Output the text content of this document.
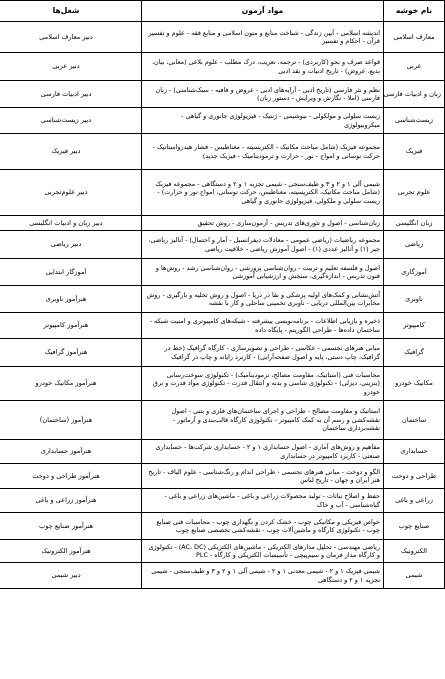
نام خوشه	مواد آزمون	شغل‌ها
معارف اسلامی	اندیشه اسلامی - آیین زندگی - شناخت منابع و متون اسلامی و منابع فقه - علوم و تفسیر قرآن - احکام و تفسیر	دبیر معارف اسلامی
عربی	قواعد صرف و نحو (کاربردی) - ترجمه، تعریب، درک مطلب - علوم بلاغی (معانی، بیان، بدیع، عروض) - تاریخ ادبیات و نقد ادبی	دبیر عربی
زبان و ادبیات فارسی	نظم و نثر فارسی (تاریخ ادبی - آرایه‌های ادبی - عروض و قافیه - سبک‌شناسی) - زبان فارسی (املا - نگارش و ویرایش - دستور زبان)	دبیر ادبیات فارسی
زیست‌شناسی	زیست سلولی و مولکولی - بیوشیمی - ژنتیک - فیزیولوژی جانوری و گیاهی - میکروبیولوژی	دبیر زیست‌شناسی
فیزیک	مجموعه فیزیک (شامل مباحث مکانیک - الکتریسیته - مغناطیس - فشار هیدرواستاتیک - حرکت نوسانی و امواج - نور - حرارت و ترمودینامیک - فیزیک جدید)	دبیر فیزیک
علوم تجربی	شیمی آلی ۱ و ۲ و ۳ و طیف‌سنجی - شیمی تجزیه ۱ و ۲ و دستگاهی - مجموعه فیزیک (شامل مباحث مکانیک، الکتریسیته، مغناطیس، حرکت نوسانی، امواج نور و حرارت) - زیست سلولی و ملکولی، فیزیولوژی جانوری و گیاهی	دبیر علوم‌تجربی
زبان انگلیسی	زبان‌شناسی - اصول و تئوری‌های تدریس - آزمون‌سازی - روش تحقیق	دبیر زبان و ادبیات انگلیسی
ریاضی	مجموعه ریاضیات (ریاضی عمومی - معادلات دیفرانسیل - آمار و احتمال) - آنالیز ریاضی، جبر (۱) و آنالیز عددی (۱) - اصول آموزش ریاضی - خلاقیت ریاضی	دبیر ریاضی
آموزگاری	اصول و فلسفه تعلیم و تربیت - روان‌شناسی پرورشی - روان‌شناسی رشد - روش‌ها و فنون تدریس - اندازه‌گیری، سنجش و ارزشیابی آموزشی	آموزگار ابتدایی
ناوبری	آتش‌نشانی و کمک‌های اولیه پزشکی و بقا در دریا - اصول و روش تخلیه و بارگیری - روش مخابرات بین‌المللی دریایی - ناوبری تخمینی ساحلی و کار با نقشه	هنرآموز ناوبری
کامپیوتر	ذخیره و بازیابی اطلاعات - برنامه‌نویسی پیشرفته - شبکه‌های کامپیوتری و امنیت شبکه - ساختمان داده‌ها - طراحی الگوریتم - پایگاه داده	هنرآموز کامپیوتر
گرافیک	مبانی هنرهای تجسمی - عکاسی - طراحی و تصویرسازی - کارگاه گرافیک (خط در گرافیک، چاپ دستی، پایه و اصول صفحه‌آرایی) - کاربرد رایانه و چاپ در گرافیک	هنرآموز گرافیک
مکانیک خودرو	محاسبات فنی (استاتیک، مقاومت مصالح، ترمودینامیک) - تکنولوژی سوخت‌رسانی (بنزینی، دیزلی) - تکنولوژی شاسی و بدنه و انتقال قدرت - تکنولوژی مواد قدرت و برق خودرو	هنرآموز مکانیک خودرو
ساختمان	استاتیک و مقاومت مصالح - طراحی و اجرای ساختمان‌های فلزی و بتنی - اصول نقشه‌کشی و رسم آن به کمک کامپیوتر - تکنولوژی کارگاه قالب‌بندی و آرماتور - نقشه‌برداری ساختمان	هنرآموز (ساختمان)
حسابداری	مفاهیم و روش‌های آماری - اصول حسابداری ۱ و ۲ - حسابداری شرکت‌ها - حسابداری صنعتی - کاربرد کامپیوتر در حسابداری	هنرآموز حسابداری
طراحی و دوخت	الگو و دوخت - مبانی هنرهای تجسمی - طراحی اندام و رنگ‌شناسی - علوم الیاف - تاریخ هنر ایران و جهان - تاریخ لباس	هنرآموز طراحی و دوخت
زراعی و باغی	حفظ و اصلاح نباتات - تولید محصولات زراعی و باغی - ماشین‌های زراعی و باغی - گیاه‌شناسی - آب و خاک	هنرآموز زراعی و باغی
صنایع چوب	خواص فیزیکی و مکانیکی چوب - خشک کردن و نگهداری چوب - محاسبات فنی صنایع چوب - تکنولوژی کارگاه و ماشین‌آلات چوب - نقشه‌کشی تخصصی صنایع چوب	هنرآموز صنایع چوب
الکترونیک	ریاضی مهندسی - تحلیل مدارهای الکتریکی - ماشین‌های الکتریکی (AC، DC) - تکنولوژی و کارگاه مدار فرمان و سیم‌پیچی - تأسیسات الکتریکی و کارگاه - PLC	هنرآموز الکترونیک
شیمی	شیمی فیزیک ۱ و ۲ - شیمی معدنی ۱ و ۲ - شیمی آلی ۱ و ۲ و ۳ و طیف‌سنجی - شیمی تجزیه ۱ و ۲ و دستگاهی	دبیر شیمی
